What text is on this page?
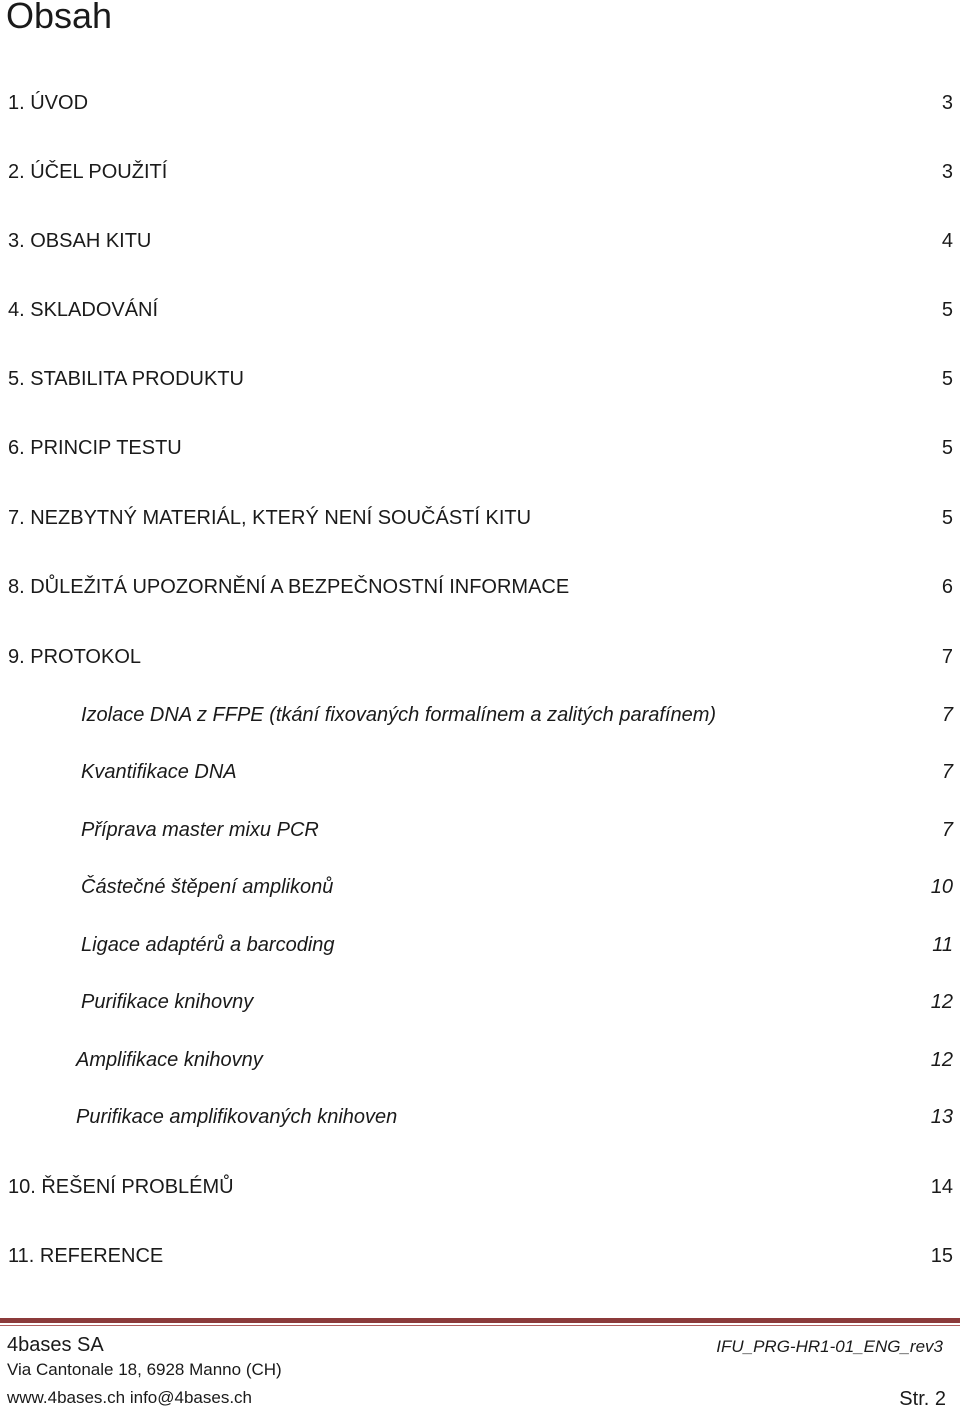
Obsah
1. ÚVOD	3
2. ÚČEL POUŽITÍ	3
3. OBSAH KITU	4
4. SKLADOVÁNÍ	5
5. STABILITA PRODUKTU	5
6. PRINCIP TESTU	5
7. NEZBYTNÝ MATERIÁL, KTERÝ NENÍ SOUČÁSTÍ KITU	5
8. DŮLEŽITÁ UPOZORNĚNÍ A BEZPEČNOSTNÍ INFORMACE	6
9. PROTOKOL	7
Izolace DNA z FFPE (tkání fixovaných formalínem a zalitých parafínem)	7
Kvantifikace DNA	7
Příprava master mixu PCR	7
Částečné štěpení amplikonů	10
Ligace adaptérů a barcoding	11
Purifikace knihovny	12
Amplifikace knihovny	12
Purifikace amplifikovaných knihoven	13
10. ŘEŠENÍ PROBLÉMŮ	14
11. REFERENCE	15
4bases SA	IFU_PRG-HR1-01_ENG_rev3
Via Cantonale 18, 6928 Manno (CH)
www.4bases.ch info@4bases.ch	Str. 2
